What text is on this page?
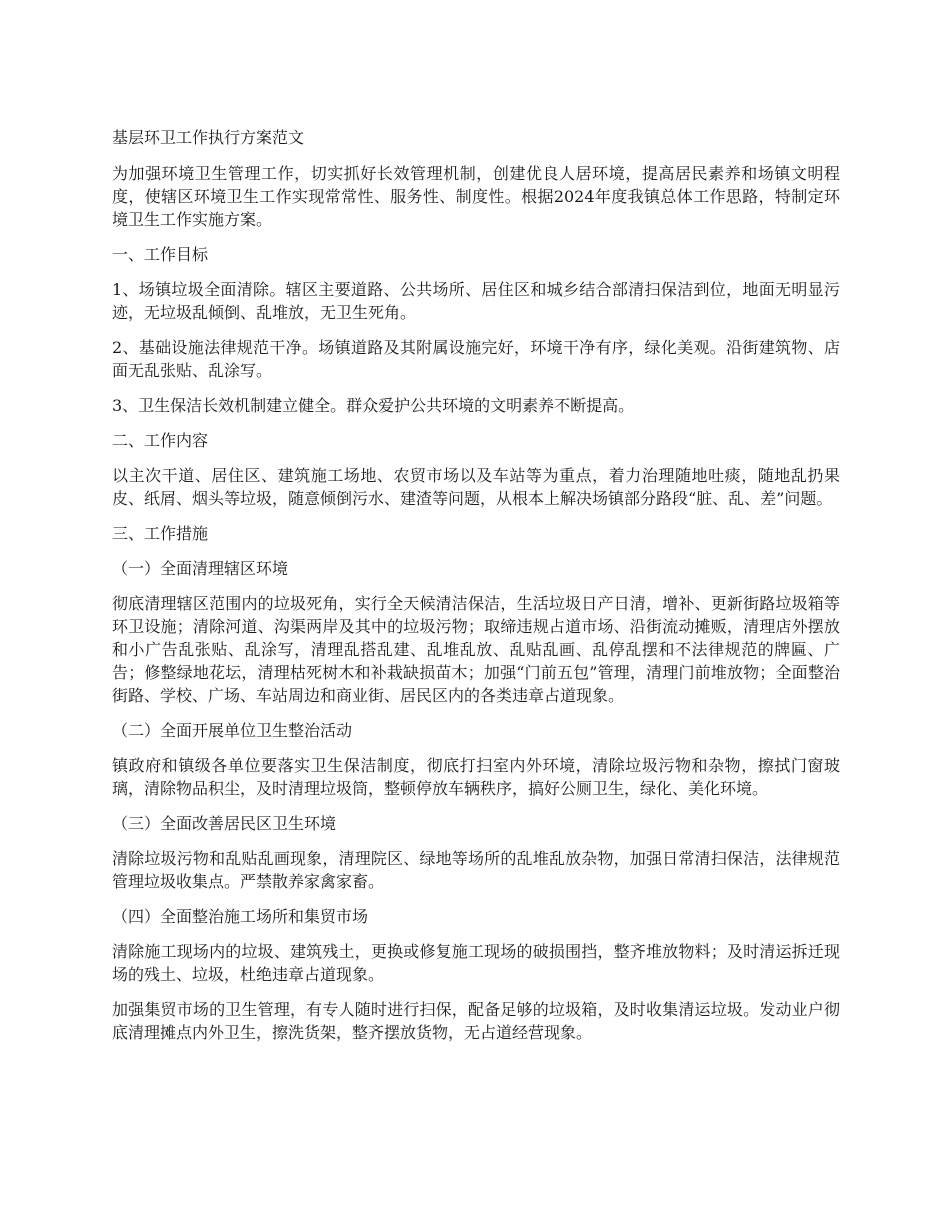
基层环卫工作执行方案范文

为加强环境卫生管理工作，切实抓好长效管理机制，创建优良人居环境，提高居民素养和场镇文明程度，使辖区环境卫生工作实现常常性、服务性、制度性。根据2024年度我镇总体工作思路，特制定环境卫生工作实施方案。

一、工作目标

1、场镇垃圾全面清除。辖区主要道路、公共场所、居住区和城乡结合部清扫保洁到位，地面无明显污迹，无垃圾乱倾倒、乱堆放，无卫生死角。

2、基础设施法律规范干净。场镇道路及其附属设施完好，环境干净有序，绿化美观。沿街建筑物、店面无乱张贴、乱涂写。

3、卫生保洁长效机制建立健全。群众爱护公共环境的文明素养不断提高。

二、工作内容

以主次干道、居住区、建筑施工场地、农贸市场以及车站等为重点，着力治理随地吐痰，随地乱扔果皮、纸屑、烟头等垃圾，随意倾倒污水、建渣等问题，从根本上解决场镇部分路段“脏、乱、差”问题。

三、工作措施

（一）全面清理辖区环境

彻底清理辖区范围内的垃圾死角，实行全天候清洁保洁，生活垃圾日产日清，增补、更新街路垃圾箱等环卫设施；清除河道、沟渠两岸及其中的垃圾污物；取缔违规占道市场、沿街流动摊贩，清理店外摆放和小广告乱张贴、乱涂写，清理乱搭乱建、乱堆乱放、乱贴乱画、乱停乱摆和不法律规范的牌匾、广告；修整绿地花坛，清理枯死树木和补栽缺损苗木；加强“门前五包”管理，清理门前堆放物；全面整治街路、学校、广场、车站周边和商业街、居民区内的各类违章占道现象。

（二）全面开展单位卫生整治活动

镇政府和镇级各单位要落实卫生保洁制度，彻底打扫室内外环境，清除垃圾污物和杂物，擦拭门窗玻璃，清除物品积尘，及时清理垃圾筒，整顿停放车辆秩序，搞好公厕卫生，绿化、美化环境。

（三）全面改善居民区卫生环境

清除垃圾污物和乱贴乱画现象，清理院区、绿地等场所的乱堆乱放杂物，加强日常清扫保洁，法律规范管理垃圾收集点。严禁散养家禽家畜。

（四）全面整治施工场所和集贸市场

清除施工现场内的垃圾、建筑残土，更换或修复施工现场的破损围挡，整齐堆放物料；及时清运拆迁现场的残土、垃圾，杜绝违章占道现象。

加强集贸市场的卫生管理，有专人随时进行扫保，配备足够的垃圾箱，及时收集清运垃圾。发动业户彻底清理摊点内外卫生，擦洗货架，整齐摆放货物，无占道经营现象。
